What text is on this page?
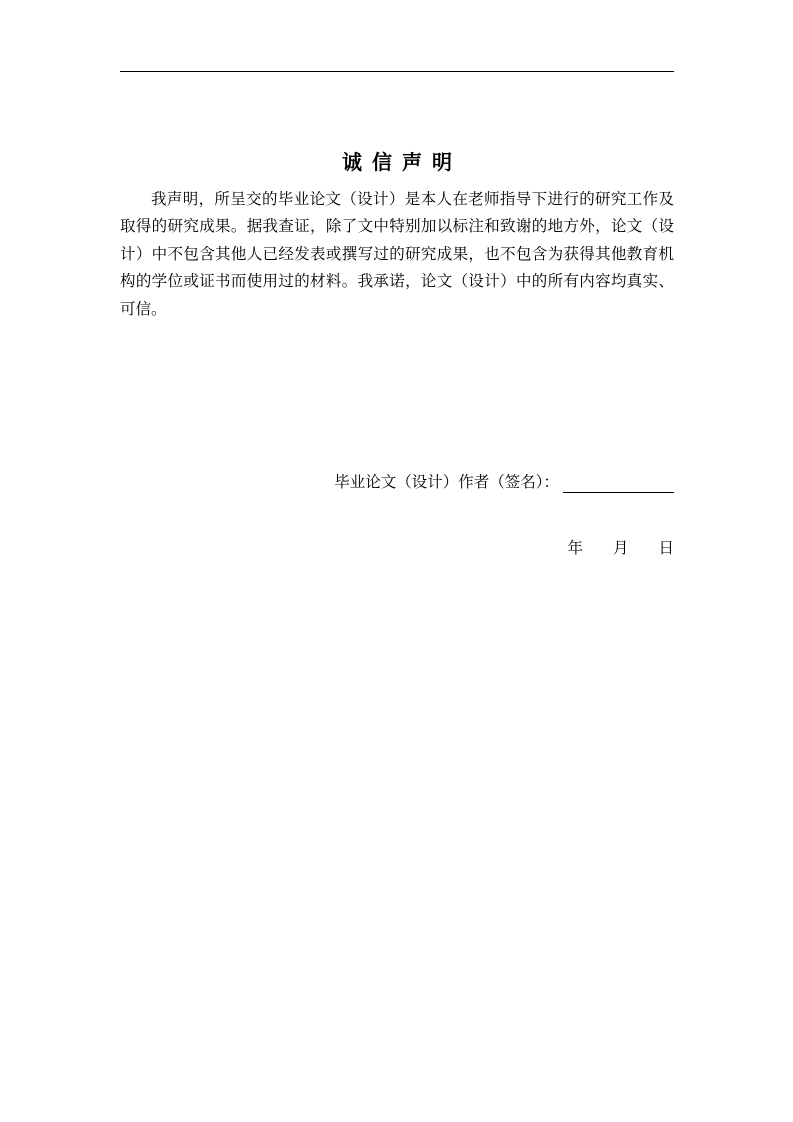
诚信声明

我声明，所呈交的毕业论文（设计）是本人在老师指导下进行的研究工作及取得的研究成果。据我查证，除了文中特别加以标注和致谢的地方外，论文（设计）中不包含其他人已经发表或撰写过的研究成果，也不包含为获得其他教育机构的学位或证书而使用过的材料。我承诺，论文（设计）中的所有内容均真实、可信。

毕业论文（设计）作者（签名）：
年 月 日
